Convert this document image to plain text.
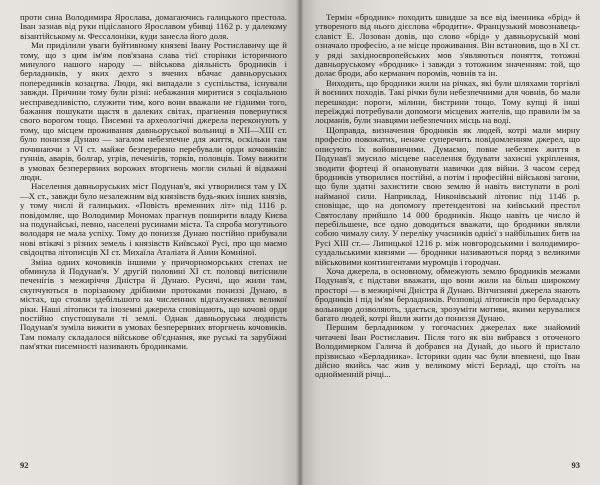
проти сина Володимира Ярослава, домагаючись галицького престола. Іван зазнав від руки підісланого Ярославом убивці 1162 р. у далекому візантійському м. Фессалоніки, куди занесла його доля.

Ми приділили уваги буйтивному князеві Івану Ростиславичу ще й тому, що з цим ім'ям пов'язана слава тієї сторінки історичного минулого нашого народу — військова діяльність бродників і берладників, у яких дехто з вчених вбачає давньоруських попередників козацтва. Люди, які випадали з суспільства, існували завжди. Причини тому були різні: небажання миритися з соціальною несправедливістю, служити тим, кого вони вважали не гідними того, бажання пошукати щастя в далеких світах, прагнення повернутися свого ворогом тощо. Писемні та археологічні джерела переконують у тому, що місцем проживання давньоруської вольниці в XII—XIII ст. було пониззя Дунаю — загалом небезпечне для життя, оскільки там починаючи з VI ст. майже безперервно перебували орди кочовиків: гуннів, аварів, болгар, угрів, печенігів, торків, половців. Тому вижити в умовах безперервних ворожих вторгнень могли сильні й відважні люди.

Населення давньоруських міст Подунав'я, які утворилися там у IX—X ст., завжди було незалежним від князівств будь-яких інших князів, у тому числі й галицьких. «Повість временних літ» під 1116 р. повідомляє, що Володимир Мономах прагнув поширити владу Києва на подунайські, певно, населені русинами міста. Та спроба могутнього володаря не мала успіху. Тому до пониззя Дунаю постійно прибували нові втікачі з різних земель і князівств Київської Русі, про що маємо свідоцтва літописців XI ст. Михаїла Аталіата й Анни Комніної.

Зміна одних кочовиків іншими у причорноморських степах не обминула й Подунав'я. У другій половині XI ст. половці витіснили печенігів з межиріччя Дністра й Дунаю. Русичі, що жили там, скупчуються в порізаному дрібними протоками пониззі Дунаю, в містах, що стояли здебільшого на численних відгалуженнях великої ріки. Наші літописи та іноземні джерела сповіщають, що кочові орди постійно спустошували ті землі. Однак давньоруська людність Подунав'я зуміла вижити в умовах безперервних вторгнень кочовиків. Там помалу складалося військове об'єднання, яке руські та зарубіжні пам'ятки писемності називають бродниками.

92

Термін «бродник» походить швидше за все від іменника «брід» й утвореного від нього дієслова «бродити». Французький мовознавець-славіст Е. Лозован довів, що слово «брід» у давньоруській мові означало професію, а не місце проживання. Він встановив, що в XI ст. у ряді західноєвропейських мов з'являються поняття, тотожні давньоруському «бродник» і завжди з тотожним значенням: той, що долає броди, або керманич поромів, човнів та ін.

Виходить, що бродники жили на річках, які були шляхами торгівлі й воєнних походів. Такі річки були небезпечними для човнів, бо мали перешкоди: пороги, мілини, бистрини тощо. Тому купці й інші переїжджі потребували допомоги місцевих жителів, що правили їм за лоцманів, були знавцями небезпечних місць на воді.

Щоправда, визначення бродників як людей, котрі мали мирну професію повожатих, неначе суперечить повідомленням джерел, що описують їх войовничими. Думаємо, повне небезпек життя в Подунав'ї змусило місцеве населення будувати захисні укріплення, зводити фортеці й опановувати навички для війни. З часом серед бродників утворилися постійні, а потім і професійні військові загони, що були здатні захистити свою землю й навіть виступати в ролі найманої сили. Наприклад, Никонівський літопис під 1146 р. сповіщає, що на допомогу претендентові на київський престол Святославу прийшло 14 000 бродників. Якщо навіть це число й перебільшене, все одно доводиться вважати, що бродники являли собою чималу силу. У переліку учасників однієї з найбільших битв на Русі XIII ст.— Липицької 1216 р. між новгородськими і володимиро-суздальськими князями — бродники називаються поряд з великими військовими контингентами муромців і городчан.

Хоча джерела, в основному, обмежують землю бродників межами Подунав'я, є підстави вважати, що вони жили на більш широкому просторі — в межиріччі Дністра й Дунаю. Вітчизняні джерела знають бродників і під ім'ям берладників. Розповіді літописів про берладську вольницю дозволяють, здається, зрозуміти мотиви, якими керувалися багато людей, котрі йшли жити до пониззя Дунаю.

Першим берладником у тогочасних джерелах вже знайомий читачеві Іван Ростиславич. Після того як він вибрався з оточеного Володимирком Галича й добрався на Дунай, до нього й пристало прізвисько «Берладника». Історики один час були впевнені, що Іван дійсно якийсь час жив у великому місті Берладі, що стоїть на однойменній річці...

93
